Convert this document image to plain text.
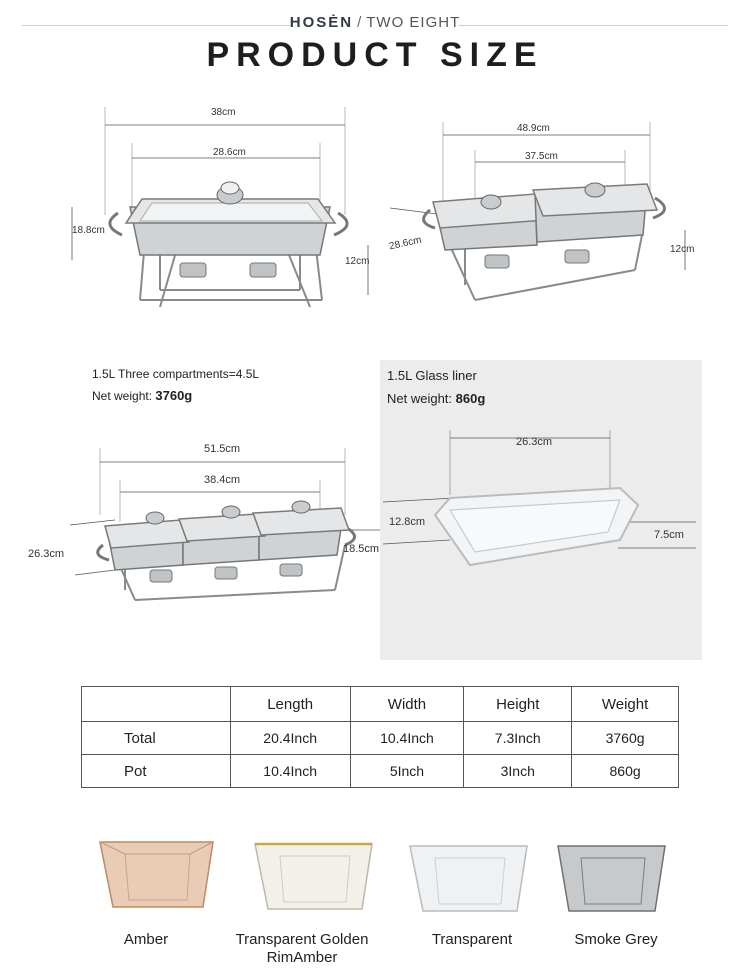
HOSĖN / TWO EIGHT
PRODUCT SIZE
38cm
28.6cm
18.8cm
12cm
48.9cm
37.5cm
28.6cm	12cm
1.5L Three compartments=4.5L
Net weight: 3760g
51.5cm
38.4cm
26.3cm	18.5cm
1.5L Glass liner
Net weight: 860g
26.3cm
12.8cm
7.5cm
	Length	Width	Height	Weight
Total	20.4Inch	10.4Inch	7.3Inch	3760g
Pot	10.4Inch	5Inch	3Inch	860g
Amber	Transparent Golden
RimAmber
Transparent	Smoke Grey
